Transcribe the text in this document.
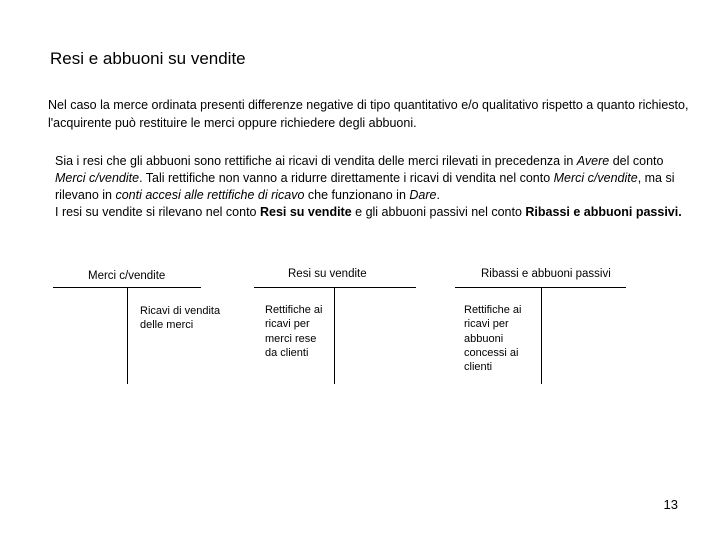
Resi e abbuoni su vendite
Nel caso la merce ordinata presenti differenze negative di tipo quantitativo e/o qualitativo rispetto a quanto richiesto, l'acquirente può restituire le merci oppure richiedere degli abbuoni.
Sia i resi che gli abbuoni sono rettifiche ai ricavi di vendita delle merci rilevati in precedenza in Avere del conto Merci c/vendite. Tali rettifiche non vanno a ridurre direttamente i ricavi di vendita nel conto Merci c/vendite, ma si rilevano in conti accesi alle rettifiche di ricavo che funzionano in Dare.
I resi su vendite si rilevano nel conto Resi su vendite e gli abbuoni passivi nel conto Ribassi e abbuoni passivi.
Merci c/vendite
Ricavi di vendita
delle merci
Resi su vendite
Rettifiche ai
ricavi per
merci rese
da clienti
Ribassi e abbuoni passivi
Rettifiche ai
ricavi per
abbuoni
concessi ai
clienti
13
